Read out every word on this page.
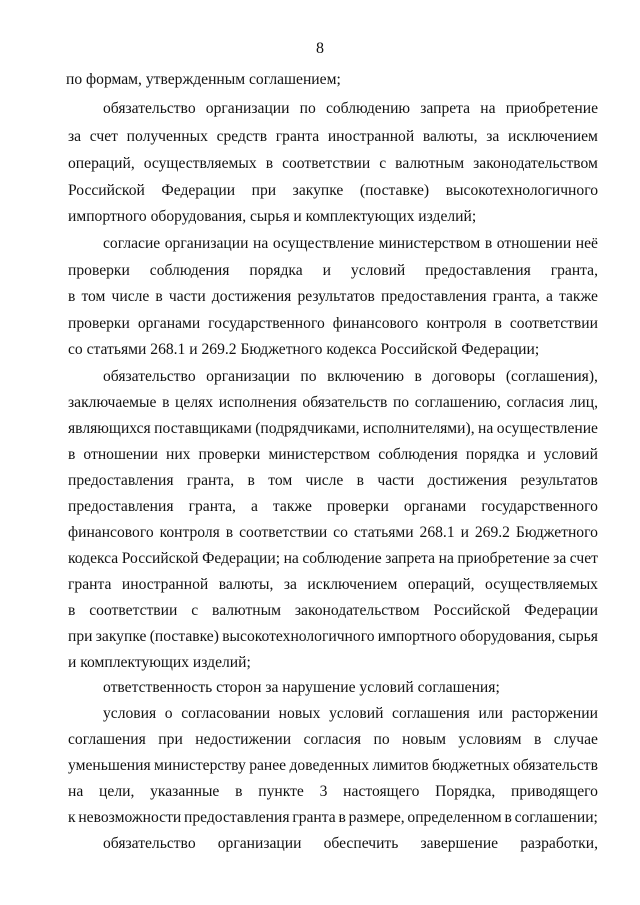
8
по формам, утвержденным соглашением;
обязательство организации по соблюдению запрета на приобретение
за счет полученных средств гранта иностранной валюты, за исключением
операций, осуществляемых в соответствии с валютным законодательством
Российской Федерации при закупке (поставке) высокотехнологичного
импортного оборудования, сырья и комплектующих изделий;
согласие организации на осуществление министерством в отношении неё
проверки соблюдения порядка и условий предоставления гранта,
в том числе в части достижения результатов предоставления гранта, а также
проверки органами государственного финансового контроля в соответствии
со статьями 268.1 и 269.2 Бюджетного кодекса Российской Федерации;
обязательство организации по включению в договоры (соглашения),
заключаемые в целях исполнения обязательств по соглашению, согласия лиц,
являющихся поставщиками (подрядчиками, исполнителями), на осуществление
в отношении них проверки министерством соблюдения порядка и условий
предоставления гранта, в том числе в части достижения результатов
предоставления гранта, а также проверки органами государственного
финансового контроля в соответствии со статьями 268.1 и 269.2 Бюджетного
кодекса Российской Федерации; на соблюдение запрета на приобретение за счет
гранта иностранной валюты, за исключением операций, осуществляемых
в соответствии с валютным законодательством Российской Федерации
при закупке (поставке) высокотехнологичного импортного оборудования, сырья
и комплектующих изделий;
ответственность сторон за нарушение условий соглашения;
условия о согласовании новых условий соглашения или расторжении
соглашения при недостижении согласия по новым условиям в случае
уменьшения министерству ранее доведенных лимитов бюджетных обязательств
на цели, указанные в пункте 3 настоящего Порядка, приводящего
к невозможности предоставления гранта в размере, определенном в соглашении;
обязательство организации обеспечить завершение разработки,
